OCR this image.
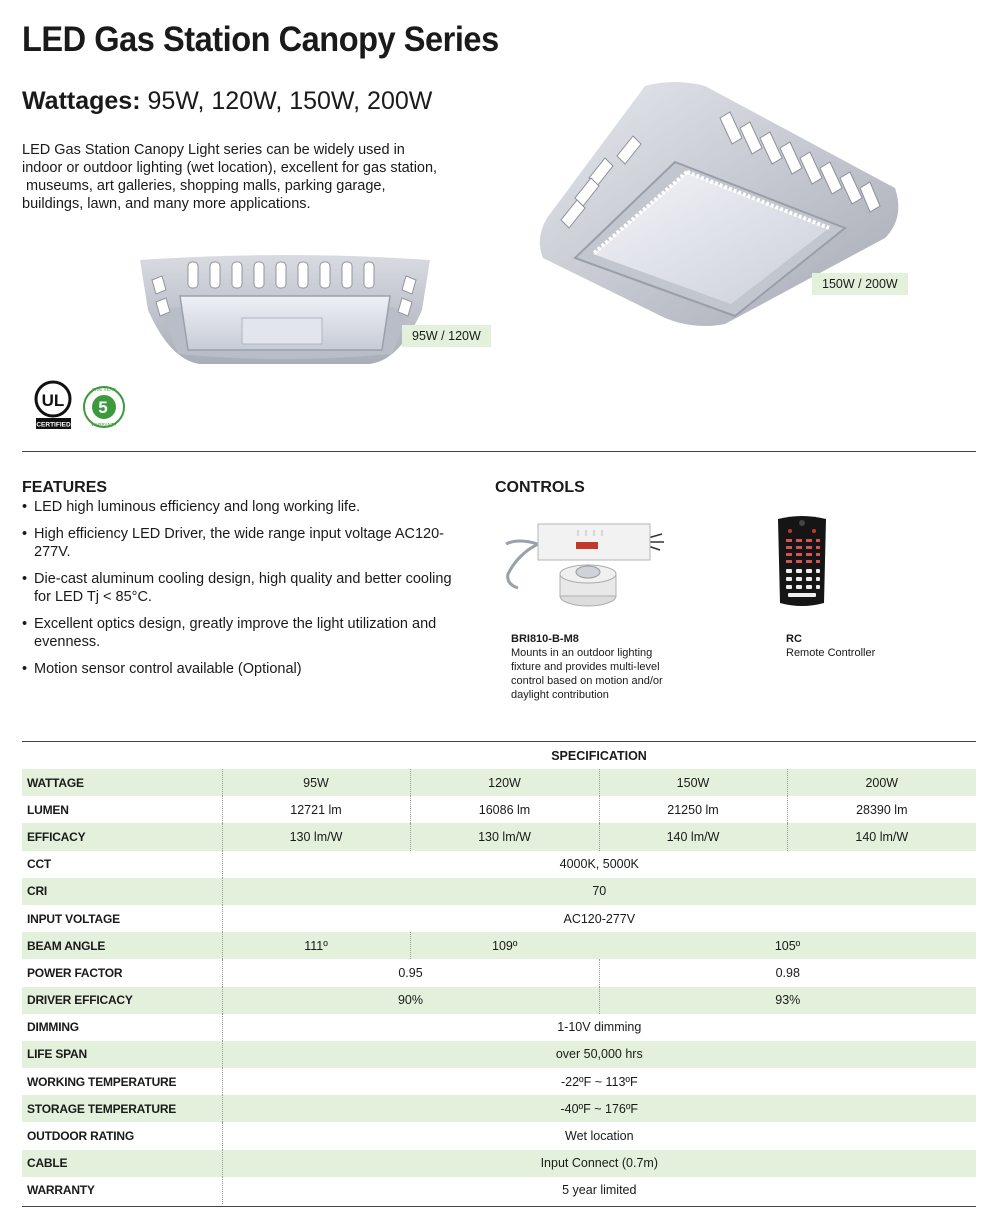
LED Gas Station Canopy Series
Wattages: 95W, 120W, 150W, 200W
LED Gas Station Canopy Light series can be widely used in
indoor or outdoor lighting (wet location), excellent for gas station,
museums, art galleries, shopping malls, parking garage,
buildings, lawn, and many more applications.
95W / 120W
150W / 200W
UL
CERTIFIED
5
FIVE YEAR
WARRANTY
FEATURES
• LED high luminous efficiency and long working life.
• High efficiency LED Driver, the wide range input voltage AC120-277V.
• Die-cast aluminum cooling design, high quality and better cooling for LED Tj < 85°C.
• Excellent optics design, greatly improve the light utilization and evenness.
• Motion sensor control available (Optional)
CONTROLS
BRI810-B-M8
Mounts in an outdoor lighting
fixture and provides multi-level
control based on motion and/or
daylight contribution
RC
Remote Controller
SPECIFICATION				
WATTAGE	95W	120W	150W	200W
LUMEN	12721 lm	16086 lm	21250 lm	28390 lm
EFFICACY	130 lm/W	130 lm/W	140 lm/W	140 lm/W
CCT	4000K, 5000K			
CRI	70			
INPUT VOLTAGE	AC120-277V			
BEAM ANGLE	111º	109º	105º	
POWER FACTOR	0.95		0.98	
DRIVER EFFICACY	90%		93%	
DIMMING	1-10V dimming			
LIFE SPAN	over 50,000 hrs			
WORKING TEMPERATURE	-22ºF ~ 113ºF			
STORAGE TEMPERATURE	-40ºF ~ 176ºF			
OUTDOOR RATING	Wet location			
CABLE	Input Connect (0.7m)			
WARRANTY	5 year limited			
